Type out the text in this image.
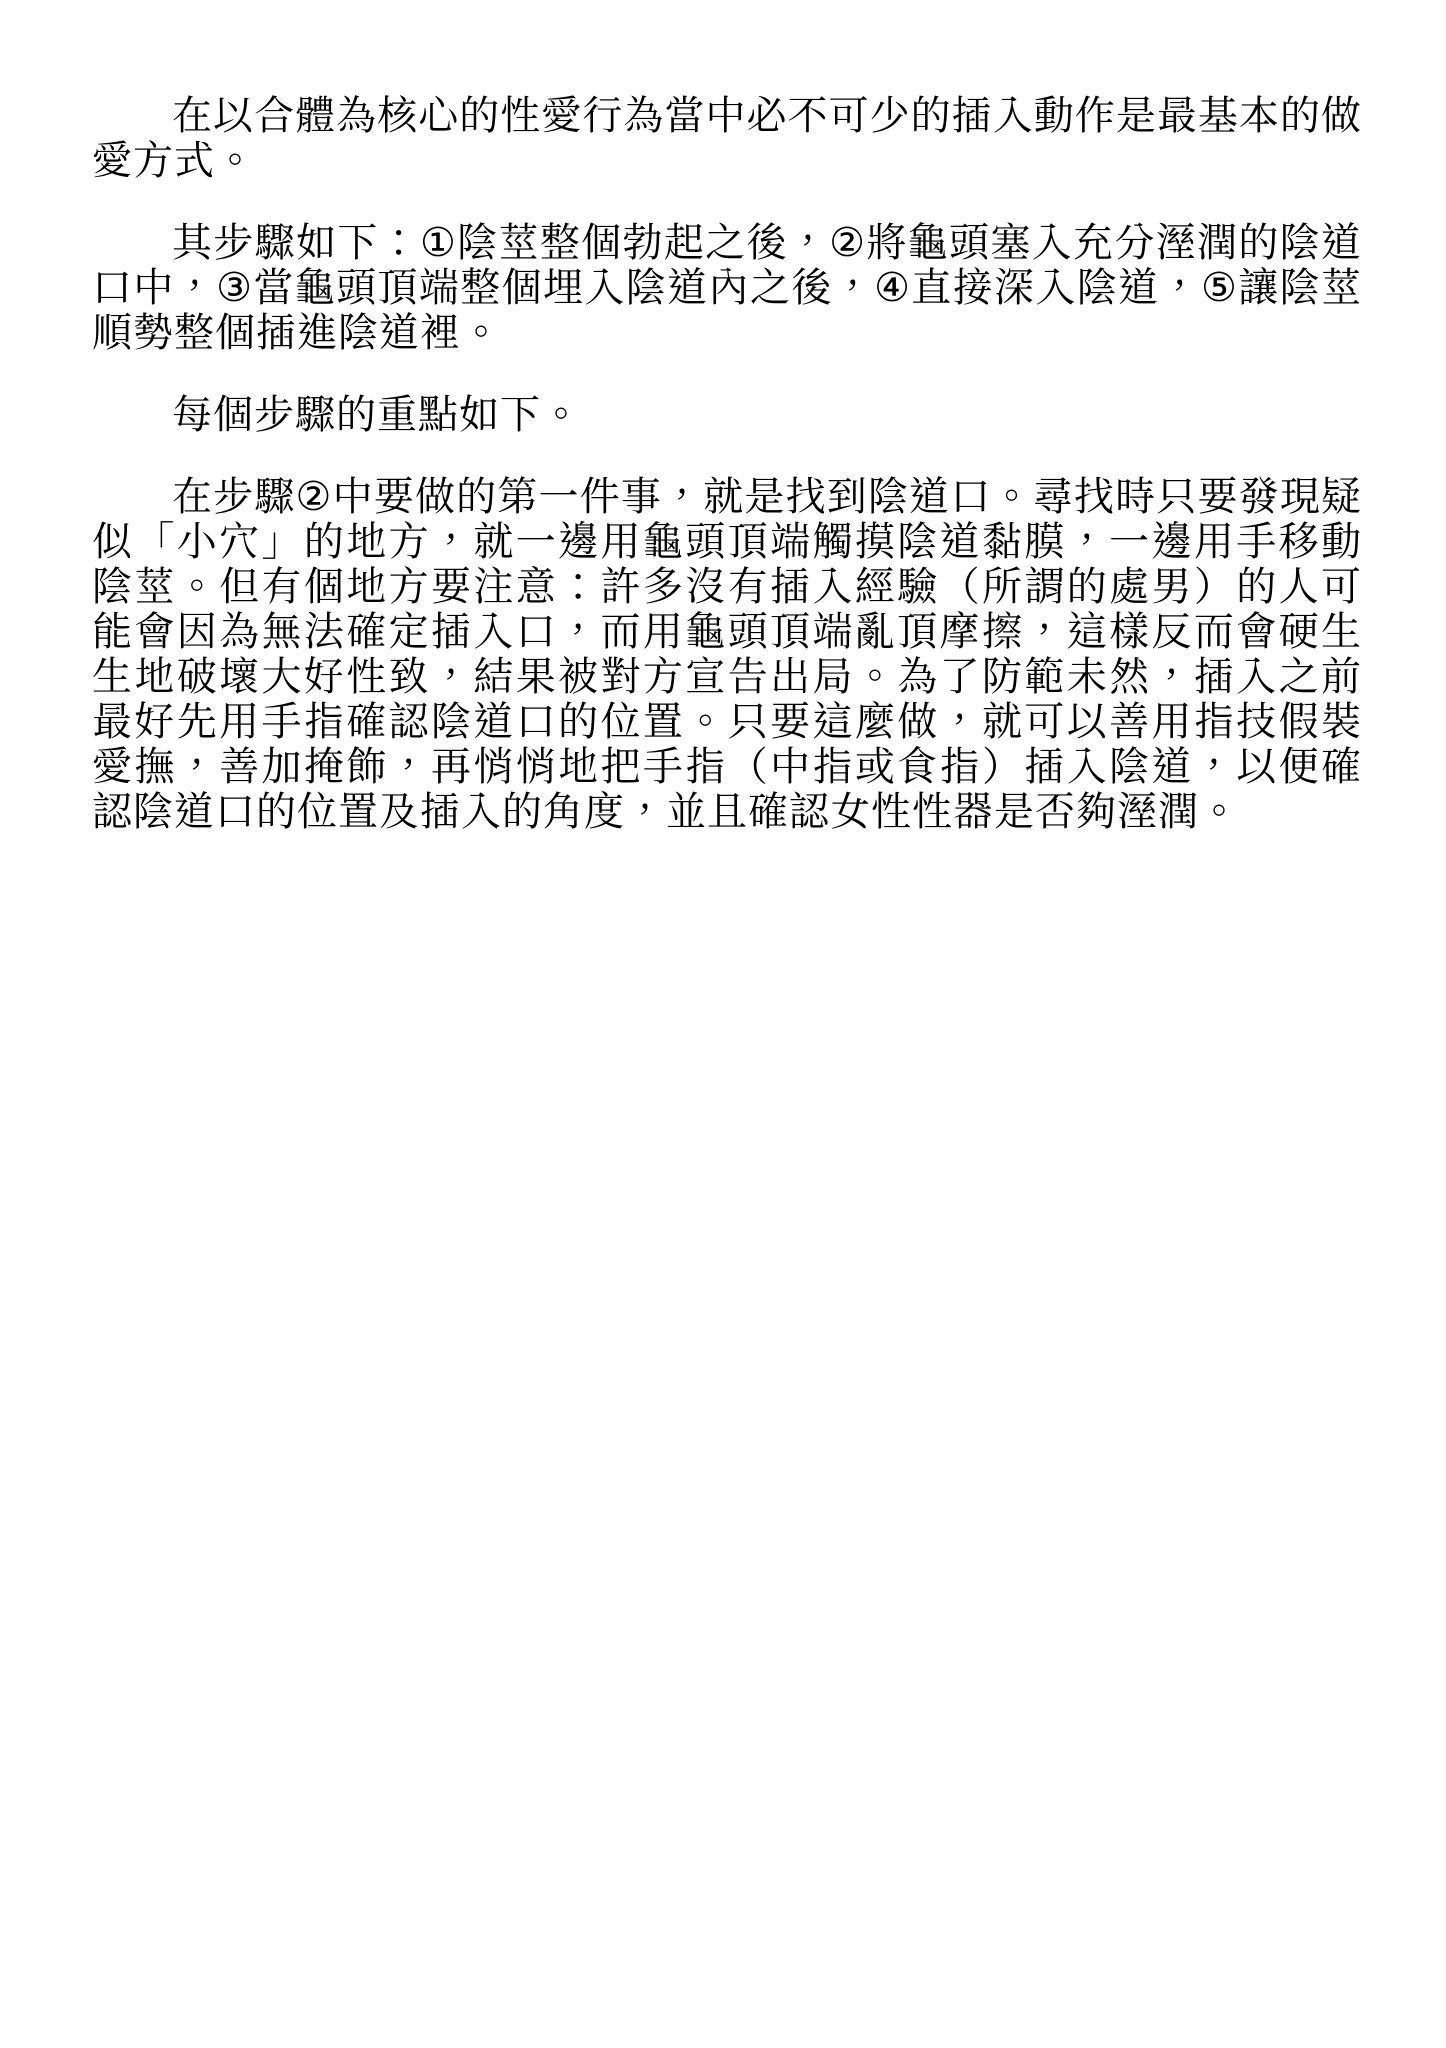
在以合體為核心的性愛行為當中必不可少的插入動作是最基本的做愛方式。

其步驟如下：①陰莖整個勃起之後，②將龜頭塞入充分溼潤的陰道口中，③當龜頭頂端整個埋入陰道內之後，④直接深入陰道，⑤讓陰莖順勢整個插進陰道裡。

每個步驟的重點如下。

在步驟②中要做的第一件事，就是找到陰道口。尋找時只要發現疑似「小穴」的地方，就一邊用龜頭頂端觸摸陰道黏膜，一邊用手移動陰莖。但有個地方要注意：許多沒有插入經驗（所謂的處男）的人可能會因為無法確定插入口，而用龜頭頂端亂頂摩擦，這樣反而會硬生生地破壞大好性致，結果被對方宣告出局。為了防範未然，插入之前最好先用手指確認陰道口的位置。只要這麼做，就可以善用指技假裝愛撫，善加掩飾，再悄悄地把手指（中指或食指）插入陰道，以便確認陰道口的位置及插入的角度，並且確認女性性器是否夠溼潤。
